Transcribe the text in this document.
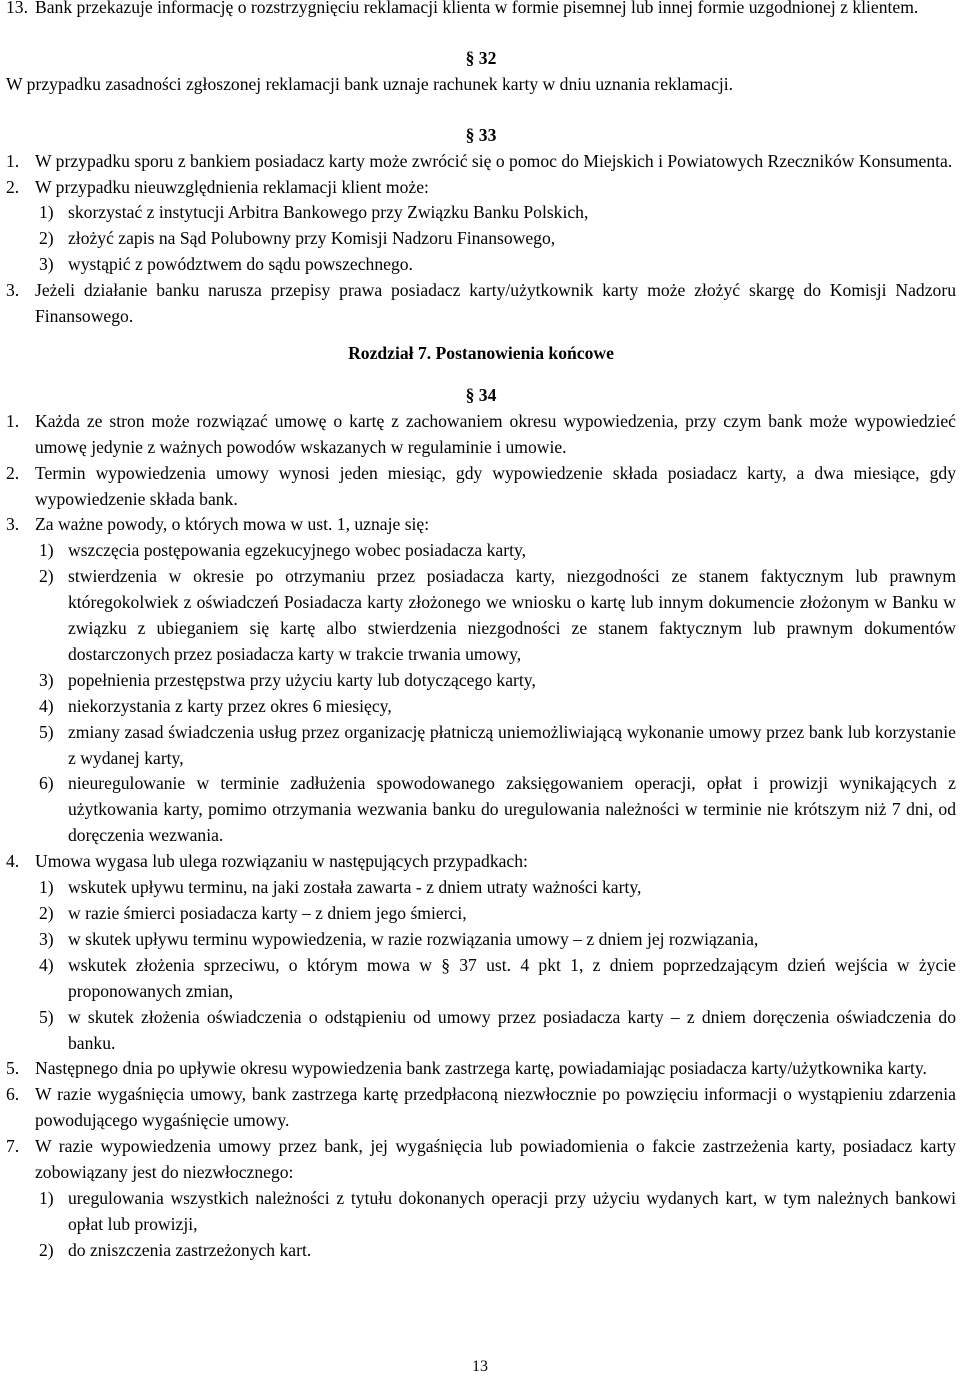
13. Bank przekazuje informację o rozstrzygnięciu reklamacji klienta w formie pisemnej lub innej formie uzgodnionej z klientem.
§ 32
W przypadku zasadności zgłoszonej reklamacji bank uznaje rachunek karty w dniu uznania reklamacji.
§ 33
1. W przypadku sporu z bankiem posiadacz karty może zwrócić się o pomoc do Miejskich i Powiatowych Rzeczników Konsumenta.
2. W przypadku nieuwzględnienia reklamacji klient może:
1) skorzystać z instytucji Arbitra Bankowego przy Związku Banku Polskich,
2) złożyć zapis na Sąd Polubowny przy Komisji Nadzoru Finansowego,
3) wystąpić z powództwem do sądu powszechnego.
3. Jeżeli działanie banku narusza przepisy prawa posiadacz karty/użytkownik karty może złożyć skargę do Komisji Nadzoru Finansowego.
Rozdział 7. Postanowienia końcowe
§ 34
1. Każda ze stron może rozwiązać umowę o kartę z zachowaniem okresu wypowiedzenia, przy czym bank może wypowiedzieć umowę jedynie z ważnych powodów wskazanych w regulaminie i umowie.
2. Termin wypowiedzenia umowy wynosi jeden miesiąc, gdy wypowiedzenie składa posiadacz karty, a dwa miesiące, gdy wypowiedzenie składa bank.
3. Za ważne powody, o których mowa w ust. 1, uznaje się:
1) wszczęcia postępowania egzekucyjnego wobec posiadacza karty,
2) stwierdzenia w okresie po otrzymaniu przez posiadacza karty, niezgodności ze stanem faktycznym lub prawnym któregokolwiek z oświadczeń Posiadacza karty złożonego we wniosku o kartę lub innym dokumencie złożonym w Banku w związku z ubieganiem się kartę albo stwierdzenia niezgodności ze stanem faktycznym lub prawnym dokumentów dostarczonych przez posiadacza karty w trakcie trwania umowy,
3) popełnienia przestępstwa przy użyciu karty lub dotyczącego karty,
4) niekorzystania z karty przez okres 6 miesięcy,
5) zmiany zasad świadczenia usług przez organizację płatniczą uniemożliwiającą wykonanie umowy przez bank lub korzystanie z wydanej karty,
6) nieuregulowanie w terminie zadłużenia spowodowanego zaksięgowaniem operacji, opłat i prowizji wynikających z użytkowania karty, pomimo otrzymania wezwania banku do uregulowania należności w terminie nie krótszym niż 7 dni, od doręczenia wezwania.
4. Umowa wygasa lub ulega rozwiązaniu w następujących przypadkach:
1) wskutek upływu terminu, na jaki została zawarta - z dniem utraty ważności karty,
2) w razie śmierci posiadacza karty – z dniem jego śmierci,
3) w skutek upływu terminu wypowiedzenia, w razie rozwiązania umowy – z dniem jej rozwiązania,
4) wskutek złożenia sprzeciwu, o którym mowa w § 37 ust. 4 pkt 1, z dniem poprzedzającym dzień wejścia w życie proponowanych zmian,
5) w skutek złożenia oświadczenia o odstąpieniu od umowy przez posiadacza karty – z dniem doręczenia oświadczenia do banku.
5. Następnego dnia po upływie okresu wypowiedzenia bank zastrzega kartę, powiadamiając posiadacza karty/użytkownika karty.
6. W razie wygaśnięcia umowy, bank zastrzega kartę przedpłaconą niezwłocznie po powzięciu informacji o wystąpieniu zdarzenia powodującego wygaśnięcie umowy.
7. W razie wypowiedzenia umowy przez bank, jej wygaśnięcia lub powiadomienia o fakcie zastrzeżenia karty, posiadacz karty zobowiązany jest do niezwłocznego:
1) uregulowania wszystkich należności z tytułu dokonanych operacji przy użyciu wydanych kart, w tym należnych bankowi opłat lub prowizji,
2) do zniszczenia zastrzeżonych kart.
13
